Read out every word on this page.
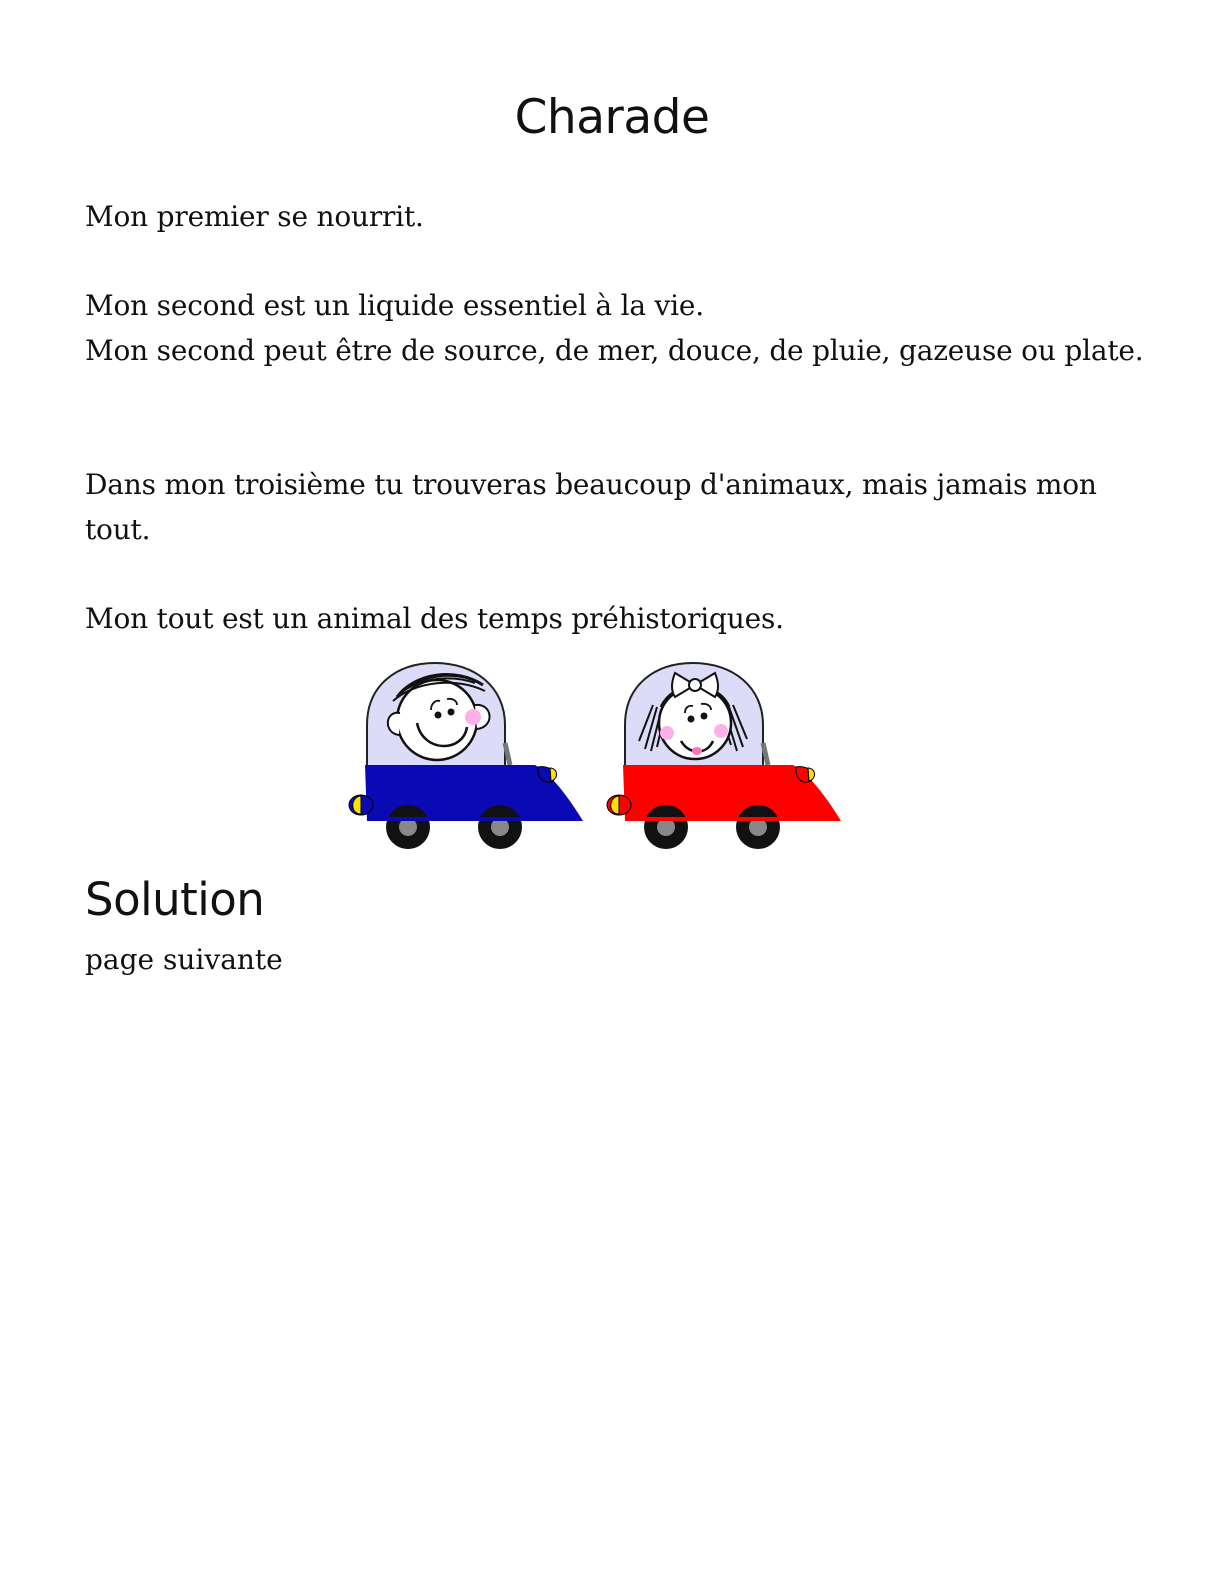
Charade

Mon premier se nourrit.

Mon second est un liquide essentiel à la vie.

Mon second peut être de source, de mer, douce, de pluie, gazeuse ou plate.

Dans mon troisième tu trouveras beaucoup d'animaux, mais jamais mon tout.

Mon tout est un animal des temps préhistoriques.

Solution

page suivante
